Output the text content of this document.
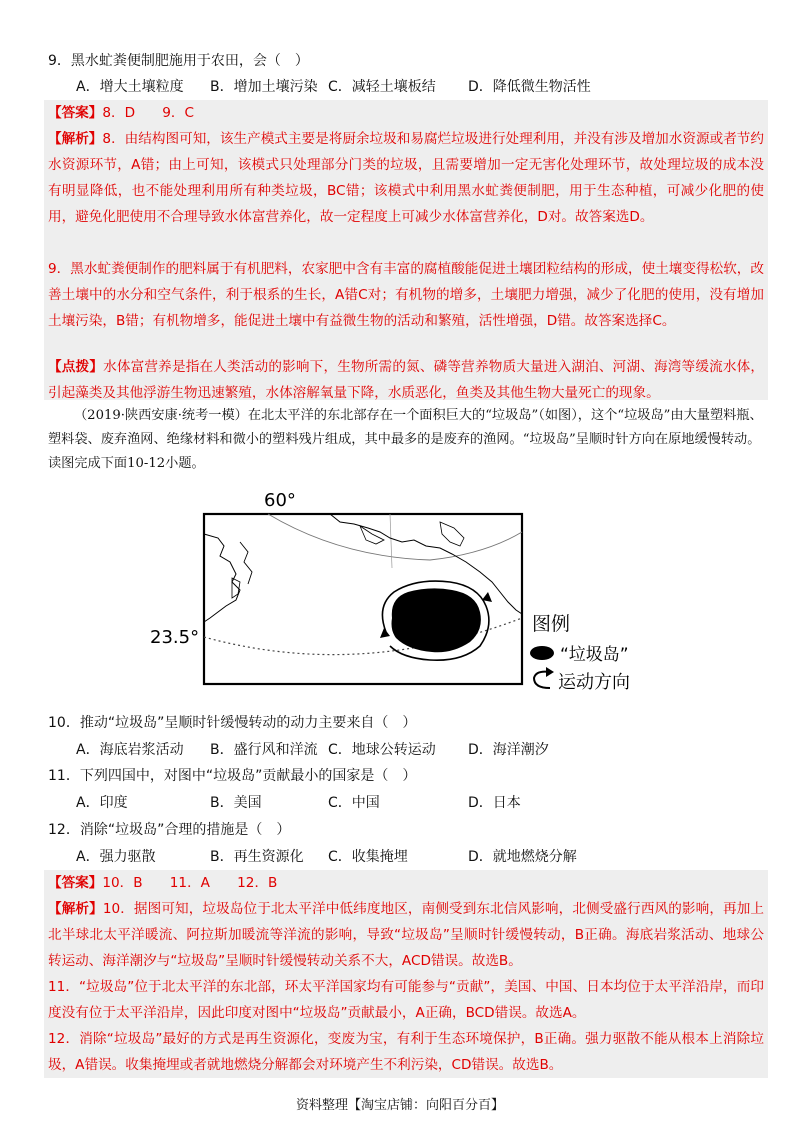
9．黑水虻粪便制肥施用于农田，会（　）
A．增大土壤粒度 B．增加土壤污染 C．减轻土壤板结 D．降低微生物活性
【答案】8．D　　9．C
【解析】8．由结构图可知，该生产模式主要是将厨余垃圾和易腐烂垃圾进行处理利用，并没有涉及增加水资源或者节约水资源环节，A错；由上可知，该模式只处理部分门类的垃圾，且需要增加一定无害化处理环节，故处理垃圾的成本没有明显降低，也不能处理利用所有种类垃圾，BC错；该模式中利用黑水虻粪便制肥，用于生态种植，可减少化肥的使用，避免化肥使用不合理导致水体富营养化，故一定程度上可减少水体富营养化，D对。故答案选D。
9．黑水虻粪便制作的肥料属于有机肥料，农家肥中含有丰富的腐植酸能促进土壤团粒结构的形成，使土壤变得松软，改善土壤中的水分和空气条件，利于根系的生长，A错C对；有机物的增多，土壤肥力增强，减少了化肥的使用，没有增加土壤污染，B错；有机物增多，能促进土壤中有益微生物的活动和繁殖，活性增强，D错。故答案选择C。
【点拨】水体富营养是指在人类活动的影响下，生物所需的氮、磷等营养物质大量进入湖泊、河湖、海湾等缓流水体，引起藻类及其他浮游生物迅速繁殖，水体溶解氧量下降，水质恶化，鱼类及其他生物大量死亡的现象。
（2019·陕西安康·统考一模）在北太平洋的东北部存在一个面积巨大的“垃圾岛”（如图），这个“垃圾岛”由大量塑料瓶、塑料袋、废弃渔网、绝缘材料和微小的塑料残片组成，其中最多的是废弃的渔网。“垃圾岛”呈顺时针方向在原地缓慢转动。读图完成下面10-12小题。
60°
23.5°
图例
“垃圾岛”
运动方向
10．推动“垃圾岛”呈顺时针缓慢转动的动力主要来自（　）
A．海底岩浆活动 B．盛行风和洋流 C．地球公转运动 D．海洋潮汐
11．下列四国中，对图中“垃圾岛”贡献最小的国家是（　）
A．印度	B．美国	C．中国	D．日本
12．消除“垃圾岛”合理的措施是（　）
A．强力驱散	B．再生资源化 C．收集掩埋	D．就地燃烧分解
【答案】10．B　　11．A　　12．B
【解析】10．据图可知，垃圾岛位于北太平洋中低纬度地区，南侧受到东北信风影响，北侧受盛行西风的影响，再加上北半球北太平洋暖流、阿拉斯加暖流等洋流的影响，导致“垃圾岛”呈顺时针缓慢转动，B正确。海底岩浆活动、地球公转运动、海洋潮汐与“垃圾岛”呈顺时针缓慢转动关系不大，ACD错误。故选B。
11．“垃圾岛”位于北太平洋的东北部，环太平洋国家均有可能参与“贡献”，美国、中国、日本均位于太平洋沿岸，而印度没有位于太平洋沿岸，因此印度对图中“垃圾岛”贡献最小，A正确，BCD错误。故选A。
12．消除“垃圾岛”最好的方式是再生资源化，变废为宝，有利于生态环境保护，B正确。强力驱散不能从根本上消除垃圾，A错误。收集掩埋或者就地燃烧分解都会对环境产生不利污染，CD错误。故选B。
资料整理【淘宝店铺：向阳百分百】
